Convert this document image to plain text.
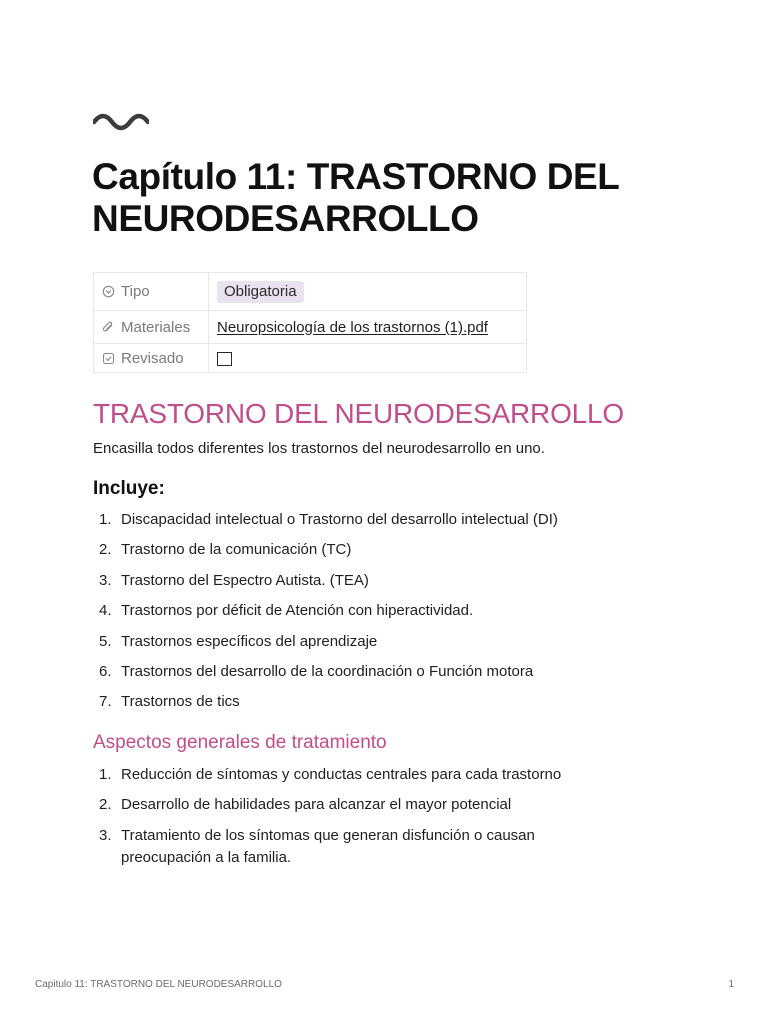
Capítulo 11: TRASTORNO DEL NEURODESARROLLO
Tipo	Obligatoria
Materiales	Neuropsicología de los trastornos (1).pdf
Revisado	
TRASTORNO DEL NEURODESARROLLO

Encasilla todos diferentes los trastornos del neurodesarrollo en uno.

Incluye:
1. Discapacidad intelectual o Trastorno del desarrollo intelectual (DI)
2. Trastorno de la comunicación (TC)
3. Trastorno del Espectro Autista. (TEA)
4. Trastornos por déficit de Atención con hiperactividad.
5. Trastornos específicos del aprendizaje
6. Trastornos del desarrollo de la coordinación o Función motora
7. Trastornos de tics
Aspectos generales de tratamiento
1. Reducción de síntomas y conductas centrales para cada trastorno
2. Desarrollo de habilidades para alcanzar el mayor potencial
3. Tratamiento de los síntomas que generan disfunción o causan preocupación a la familia.
Capitulo 11: TRASTORNO DEL NEURODESARROLLO	1
